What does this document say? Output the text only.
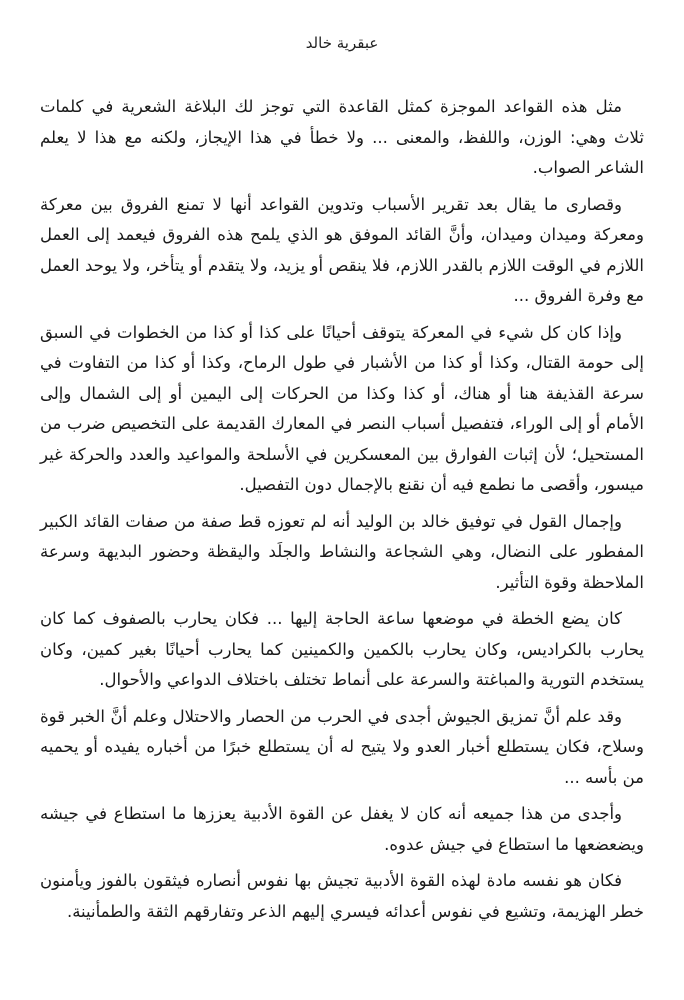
عبقرية خالد

مثل هذه القواعد الموجزة كمثل القاعدة التي توجز لك البلاغة الشعرية في كلمات ثلاث وهي: الوزن، واللفظ، والمعنى ... ولا خطأ في هذا الإيجاز، ولكنه مع هذا لا يعلم الشاعر الصواب.

وقصارى ما يقال بعد تقرير الأسباب وتدوين القواعد أنها لا تمنع الفروق بين معركة ومعركة وميدان وميدان، وأنَّ القائد الموفق هو الذي يلمح هذه الفروق فيعمد إلى العمل اللازم في الوقت اللازم بالقدر اللازم، فلا ينقص أو يزيد، ولا يتقدم أو يتأخر، ولا يوحد العمل مع وفرة الفروق ...

وإذا كان كل شيء في المعركة يتوقف أحيانًا على كذا أو كذا من الخطوات في السبق إلى حومة القتال، وكذا أو كذا من الأشبار في طول الرماح، وكذا أو كذا من التفاوت في سرعة القذيفة هنا أو هناك، أو كذا وكذا من الحركات إلى اليمين أو إلى الشمال وإلى الأمام أو إلى الوراء، فتفصيل أسباب النصر في المعارك القديمة على التخصيص ضرب من المستحيل؛ لأن إثبات الفوارق بين المعسكرين في الأسلحة والمواعيد والعدد والحركة غير ميسور، وأقصى ما نطمع فيه أن نقنع بالإجمال دون التفصيل.

وإجمال القول في توفيق خالد بن الوليد أنه لم تعوزه قط صفة من صفات القائد الكبير المفطور على النضال، وهي الشجاعة والنشاط والجلَد واليقظة وحضور البديهة وسرعة الملاحظة وقوة التأثير.

كان يضع الخطة في موضعها ساعة الحاجة إليها ... فكان يحارب بالصفوف كما كان يحارب بالكراديس، وكان يحارب بالكمين والكمينين كما يحارب أحيانًا بغير كمين، وكان يستخدم التورية والمباغتة والسرعة على أنماط تختلف باختلاف الدواعي والأحوال.

وقد علم أنَّ تمزيق الجيوش أجدى في الحرب من الحصار والاحتلال وعلم أنَّ الخبر قوة وسلاح، فكان يستطلع أخبار العدو ولا يتيح له أن يستطلع خبرًا من أخباره يفيده أو يحميه من بأسه ...

وأجدى من هذا جميعه أنه كان لا يغفل عن القوة الأدبية يعززها ما استطاع في جيشه ويضعضعها ما استطاع في جيش عدوه.

فكان هو نفسه مادة لهذه القوة الأدبية تجيش بها نفوس أنصاره فيثقون بالفوز ويأمنون خطر الهزيمة، وتشيع في نفوس أعدائه فيسري إليهم الذعر وتفارقهم الثقة والطمأنينة.
